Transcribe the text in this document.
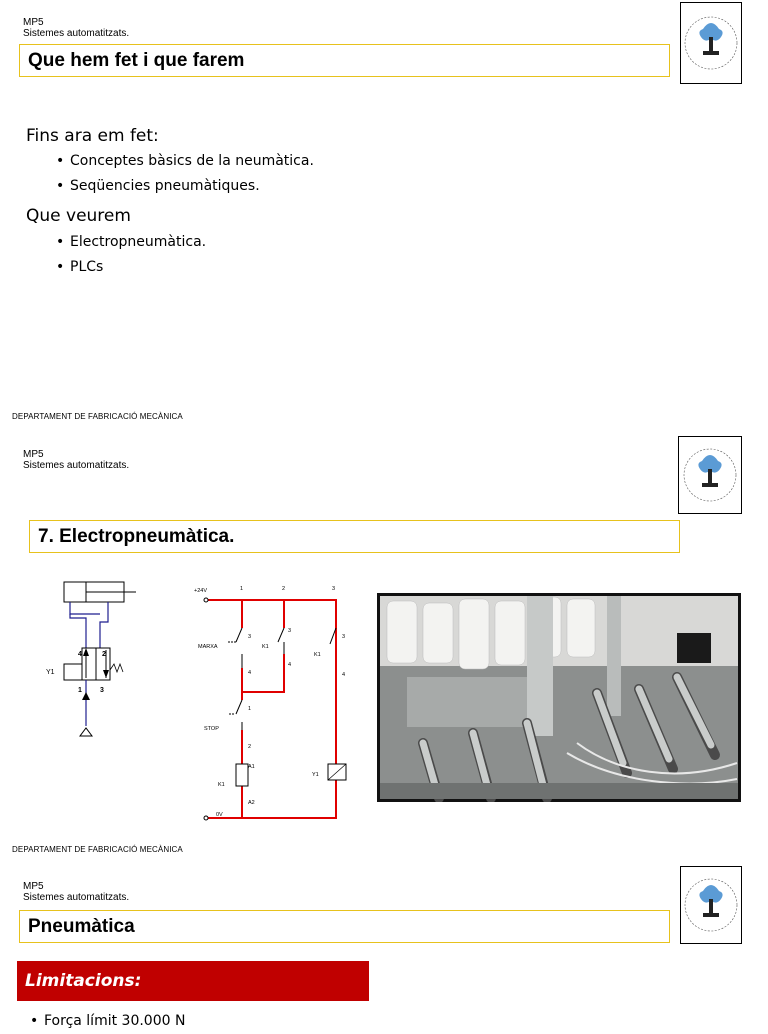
MP5
Sistemes automatitzats.
Que hem fet i que farem
Fins ara em fet:
• Conceptes bàsics de la neumàtica.
• Seqüencies pneumàtiques.
Que veurem
• Electropneumàtica.
• PLCs
DEPARTAMENT DE FABRICACIÓ MECÀNICA
MP5
Sistemes automatitzats.
7. Electropneumàtica.
Y1
4	2
1	3
+24V	1	2	3
MARXA
3
4
K1
3
4
K1
3
4
1
STOP
2
A1
K1
A2
Y1
0V
DEPARTAMENT DE FABRICACIÓ MECÀNICA
MP5
Sistemes automatitzats.
Pneumàtica
Limitacions:
• Força límit 30.000 N
